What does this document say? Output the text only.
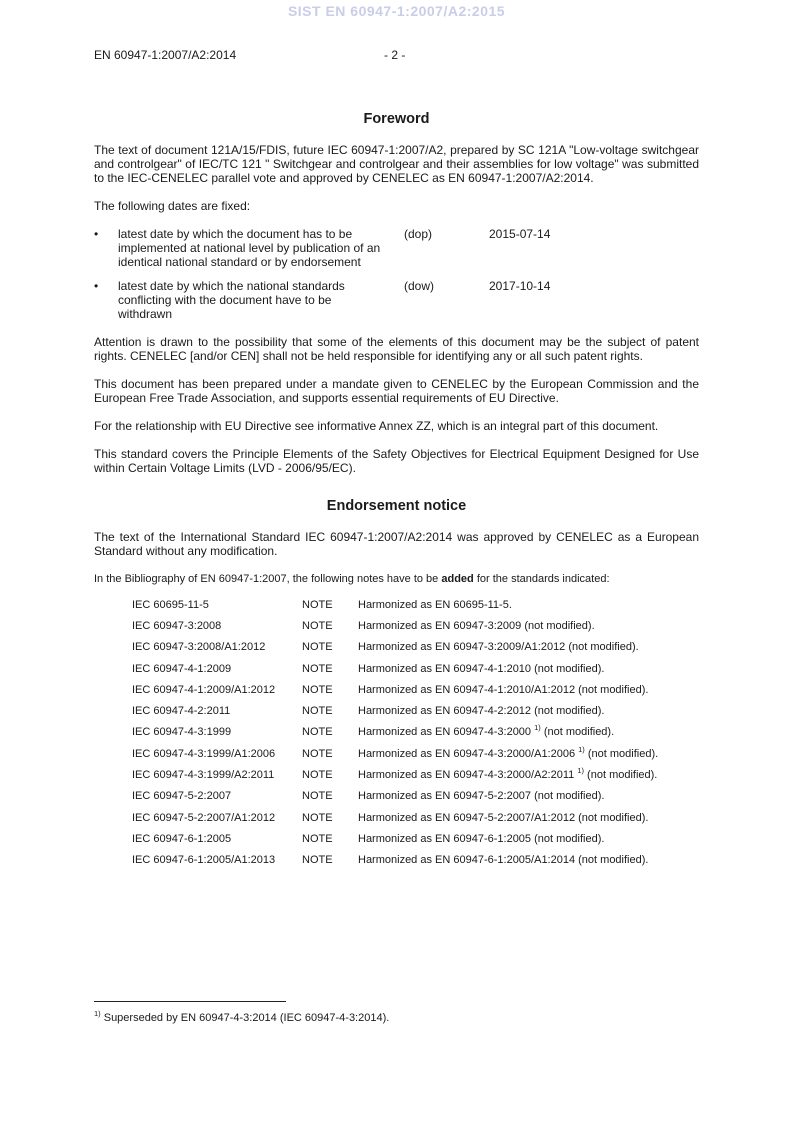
SIST EN 60947-1:2007/A2:2015
EN 60947-1:2007/A2:2014	- 2 -
Foreword

The text of document 121A/15/FDIS, future IEC 60947-1:2007/A2, prepared by SC 121A "Low-voltage switchgear and controlgear" of IEC/TC 121 " Switchgear and controlgear and their assemblies for low voltage" was submitted to the IEC-CENELEC parallel vote and approved by CENELEC as EN 60947-1:2007/A2:2014.

The following dates are fixed:

• latest date by which the document has to be implemented at national level by publication of an identical national standard or by endorsement
(dop)	2015-07-14
• latest date by which the national standards conflicting with the document have to be withdrawn
(dow)	2017-10-14

Attention is drawn to the possibility that some of the elements of this document may be the subject of patent rights. CENELEC [and/or CEN] shall not be held responsible for identifying any or all such patent rights.

This document has been prepared under a mandate given to CENELEC by the European Commission and the European Free Trade Association, and supports essential requirements of EU Directive.

For the relationship with EU Directive see informative Annex ZZ, which is an integral part of this document.

This standard covers the Principle Elements of the Safety Objectives for Electrical Equipment Designed for Use within Certain Voltage Limits (LVD - 2006/95/EC).

Endorsement notice

The text of the International Standard IEC 60947-1:2007/A2:2014 was approved by CENELEC as a European Standard without any modification.

In the Bibliography of EN 60947-1:2007, the following notes have to be added for the standards indicated:

IEC 60695-11-5	NOTE	Harmonized as EN 60695-11-5.
IEC 60947-3:2008	NOTE	Harmonized as EN 60947-3:2009 (not modified).
IEC 60947-3:2008/A1:2012	NOTE	Harmonized as EN 60947-3:2009/A1:2012 (not modified).
IEC 60947-4-1:2009	NOTE	Harmonized as EN 60947-4-1:2010 (not modified).
IEC 60947-4-1:2009/A1:2012	NOTE	Harmonized as EN 60947-4-1:2010/A1:2012 (not modified).
IEC 60947-4-2:2011	NOTE	Harmonized as EN 60947-4-2:2012 (not modified).
IEC 60947-4-3:1999	NOTE	Harmonized as EN 60947-4-3:2000 $^{1)}$ (not modified).
IEC 60947-4-3:1999/A1:2006	NOTE	Harmonized as EN 60947-4-3:2000/A1:2006 $^{1)}$ (not modified).
IEC 60947-4-3:1999/A2:2011	NOTE	Harmonized as EN 60947-4-3:2000/A2:2011 $^{1)}$ (not modified).
IEC 60947-5-2:2007	NOTE	Harmonized as EN 60947-5-2:2007 (not modified).
IEC 60947-5-2:2007/A1:2012	NOTE	Harmonized as EN 60947-5-2:2007/A1:2012 (not modified).
IEC 60947-6-1:2005	NOTE	Harmonized as EN 60947-6-1:2005 (not modified).
IEC 60947-6-1:2005/A1:2013	NOTE	Harmonized as EN 60947-6-1:2005/A1:2014 (not modified).
$^{1)}$ Superseded by EN 60947-4-3:2014 (IEC 60947-4-3:2014).
